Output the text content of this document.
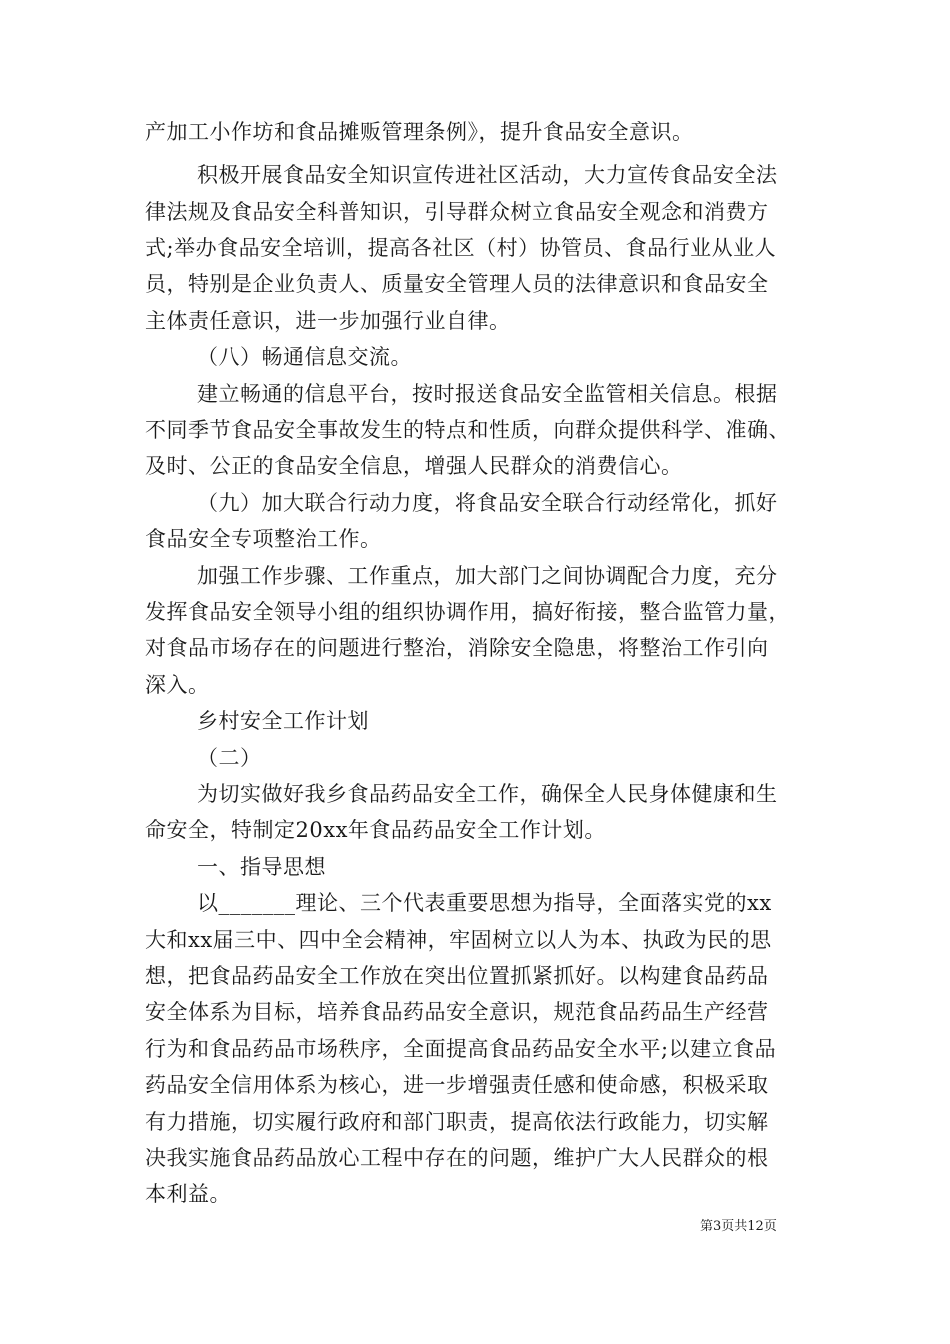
产加工小作坊和食品摊贩管理条例》，提升食品安全意识。
积极开展食品安全知识宣传进社区活动，大力宣传食品安全法
律法规及食品安全科普知识，引导群众树立食品安全观念和消费方
式;举办食品安全培训，提高各社区（村）协管员、食品行业从业人
员，特别是企业负责人、质量安全管理人员的法律意识和食品安全
主体责任意识，进一步加强行业自律。
（八）畅通信息交流。
建立畅通的信息平台，按时报送食品安全监管相关信息。根据
不同季节食品安全事故发生的特点和性质，向群众提供科学、准确、
及时、公正的食品安全信息，增强人民群众的消费信心。
（九）加大联合行动力度，将食品安全联合行动经常化，抓好
食品安全专项整治工作。
加强工作步骤、工作重点，加大部门之间协调配合力度，充分
发挥食品安全领导小组的组织协调作用，搞好衔接，整合监管力量，
对食品市场存在的问题进行整治，消除安全隐患，将整治工作引向
深入。
乡村安全工作计划
（二）
为切实做好我乡食品药品安全工作，确保全人民身体健康和生
命安全，特制定20xx年食品药品安全工作计划。
一、指导思想
以_______理论、三个代表重要思想为指导，全面落实党的xx
大和xx届三中、四中全会精神，牢固树立以人为本、执政为民的思
想，把食品药品安全工作放在突出位置抓紧抓好。以构建食品药品
安全体系为目标，培养食品药品安全意识，规范食品药品生产经营
行为和食品药品市场秩序，全面提高食品药品安全水平;以建立食品
药品安全信用体系为核心，进一步增强责任感和使命感，积极采取
有力措施，切实履行政府和部门职责，提高依法行政能力，切实解
决我实施食品药品放心工程中存在的问题，维护广大人民群众的根
本利益。
第3页共12页
